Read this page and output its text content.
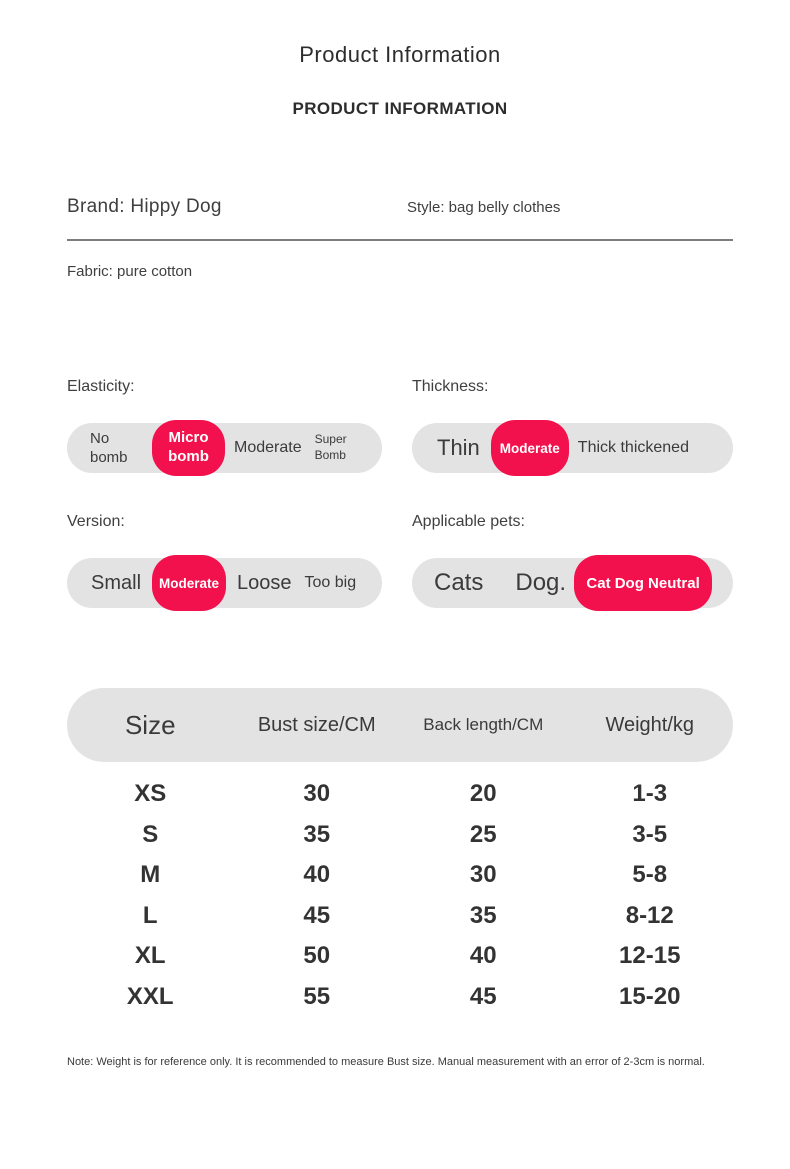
Product Information
PRODUCT INFORMATION
Brand: Hippy Dog	Style: bag belly clothes
Fabric: pure cotton
Elasticity:
No bomb
Micro bomb
Moderate Super Bomb
Thickness:
Thin	Moderate	Thick thickened
Version:
Small	Moderate Loose Too big
Applicable pets:
Cats Dog.	Cat Dog Neutral
Size	Bust size/CM	Back length/CM	Weight/kg
XS	30	20	1-3
S	35	25	3-5
M	40	30	5-8
L	45	35	8-12
XL	50	40	12-15
XXL	55	45	15-20
Note: Weight is for reference only. It is recommended to measure Bust size. Manual measurement with an error of 2-3cm is normal.
